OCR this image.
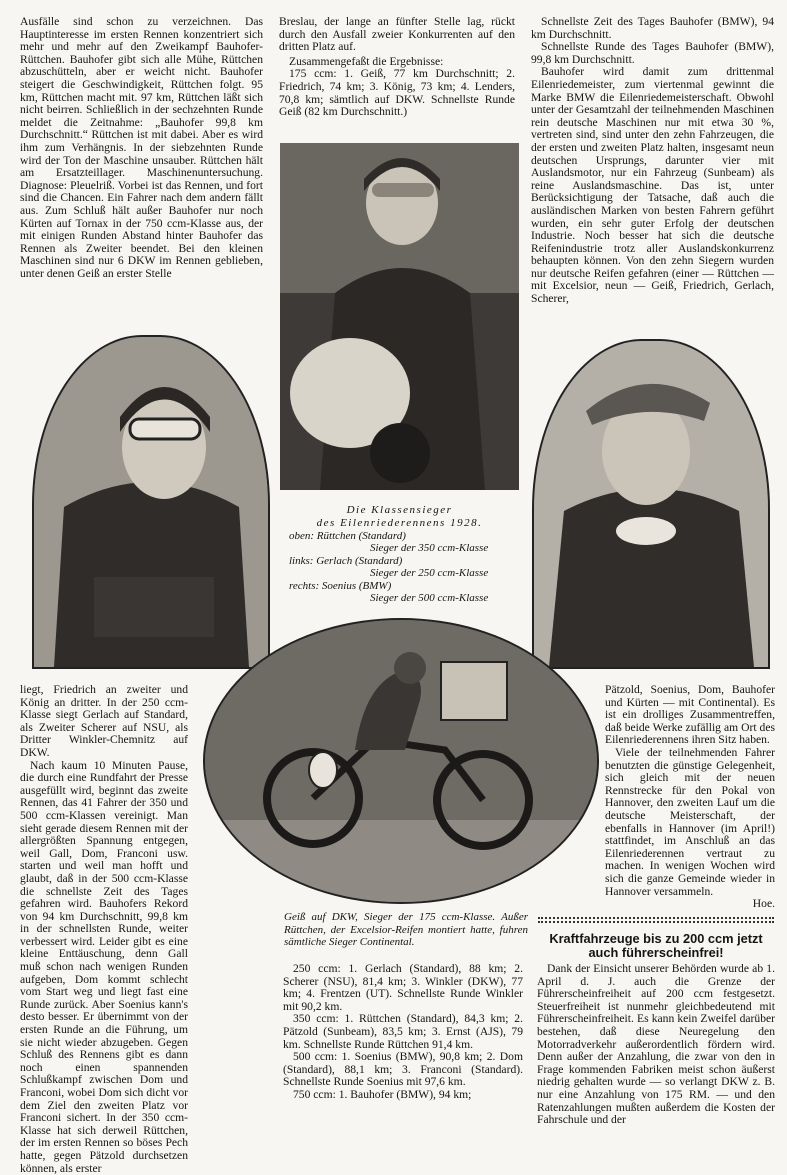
Ausfälle sind schon zu verzeichnen. Das Hauptinteresse im ersten Rennen konzentriert sich mehr und mehr auf den Zweikampf Bauhofer-Rüttchen. Bauhofer gibt sich alle Mühe, Rüttchen abzuschütteln, aber er weicht nicht. Bauhofer steigert die Geschwindigkeit, Rüttchen folgt. 95 km, Rüttchen macht mit. 97 km, Rüttchen läßt sich nicht beirren. Schließlich in der sechzehnten Runde meldet die Zeitnahme: „Bauhofer 99,8 km Durchschnitt.“ Rüttchen ist mit dabei. Aber es wird ihm zum Verhängnis. In der siebzehnten Runde wird der Ton der Maschine unsauber. Rüttchen hält am Ersatzteillager. Maschinenuntersuchung. Diagnose: Pleuelriß. Vorbei ist das Rennen, und fort sind die Chancen. Ein Fahrer nach dem andern fällt aus. Zum Schluß hält außer Bauhofer nur noch Kürten auf Tornax in der 750 ccm-Klasse aus, der mit einigen Runden Abstand hinter Bauhofer das Rennen als Zweiter beendet. Bei den kleinen Maschinen sind nur 6 DKW im Rennen geblieben, unter denen Geiß an erster Stelle

Breslau, der lange an fünfter Stelle lag, rückt durch den Ausfall zweier Konkurrenten auf den dritten Platz auf.

Zusammengefaßt die Ergebnisse:

175 ccm: 1. Geiß, 77 km Durchschnitt; 2. Friedrich, 74 km; 3. König, 73 km; 4. Lenders, 70,8 km; sämtlich auf DKW. Schnellste Runde Geiß (82 km Durchschnitt.)

Schnellste Zeit des Tages Bauhofer (BMW), 94 km Durchschnitt.

Schnellste Runde des Tages Bauhofer (BMW), 99,8 km Durchschnitt.

Bauhofer wird damit zum drittenmal Eilenriedemeister, zum viertenmal gewinnt die Marke BMW die Eilenriedemeisterschaft. Obwohl unter der Gesamtzahl der teilnehmenden Maschinen rein deutsche Maschinen nur mit etwa 30 %, vertreten sind, sind unter den zehn Fahrzeugen, die der ersten und zweiten Platz halten, insgesamt neun deutschen Ursprungs, darunter vier mit Auslandsmotor, nur ein Fahrzeug (Sunbeam) als reine Auslandsmaschine. Das ist, unter Berücksichtigung der Tatsache, daß auch die ausländischen Marken von besten Fahrern geführt wurden, ein sehr guter Erfolg der deutschen Industrie. Noch besser hat sich die deutsche Reifenindustrie trotz aller Auslandskonkurrenz behaupten können. Von den zehn Siegern wurden nur deutsche Reifen gefahren (einer — Rüttchen — mit Excelsior, neun — Geiß, Friedrich, Gerlach, Scherer,

Die Klassensieger
des Eilenriederennens 1928.
oben: Rüttchen (Standard)
Sieger der 350 ccm-Klasse
links: Gerlach (Standard)
Sieger der 250 ccm-Klasse
rechts: Soenius (BMW)
Sieger der 500 ccm-Klasse
Geiß auf DKW, Sieger der 175 ccm-Klasse. Außer Rüttchen, der Excelsior-Reifen montiert hatte, fuhren sämtliche Sieger Continental.

liegt, Friedrich an zweiter und König an dritter. In der 250 ccm-Klasse siegt Gerlach auf Standard, als Zweiter Scherer auf NSU, als Dritter Winkler-Chemnitz auf DKW.

Nach kaum 10 Minuten Pause, die durch eine Rundfahrt der Presse ausgefüllt wird, beginnt das zweite Rennen, das 41 Fahrer der 350 und 500 ccm-Klassen vereinigt. Man sieht gerade diesem Rennen mit der allergrößten Spannung entgegen, weil Gall, Dom, Franconi usw. starten und weil man hofft und glaubt, daß in der 500 ccm-Klasse die schnellste Zeit des Tages gefahren wird. Bauhofers Rekord von 94 km Durchschnitt, 99,8 km in der schnellsten Runde, weiter verbessert wird. Leider gibt es eine kleine Enttäuschung, denn Gall muß schon nach wenigen Runden aufgeben, Dom kommt schlecht vom Start weg und liegt fast eine Runde zurück. Aber Soenius kann's desto besser. Er übernimmt von der ersten Runde an die Führung, um sie nicht wieder abzugeben. Gegen Schluß des Rennens gibt es dann noch einen spannenden Schlußkampf zwischen Dom und Franconi, wobei Dom sich dicht vor dem Ziel den zweiten Platz vor Franconi sichert. In der 350 ccm-Klasse hat sich derweil Rüttchen, der im ersten Rennen so böses Pech hatte, gegen Pätzold durchsetzen können, als erster

250 ccm: 1. Gerlach (Standard), 88 km; 2. Scherer (NSU), 81,4 km; 3. Winkler (DKW), 77 km; 4. Frentzen (UT). Schnellste Runde Winkler mit 90,2 km.

350 ccm: 1. Rüttchen (Standard), 84,3 km; 2. Pätzold (Sunbeam), 83,5 km; 3. Ernst (AJS), 79 km. Schnellste Runde Rüttchen 91,4 km.

500 ccm: 1. Soenius (BMW), 90,8 km; 2. Dom (Standard), 88,1 km; 3. Franconi (Standard). Schnellste Runde Soenius mit 97,6 km.

750 ccm: 1. Bauhofer (BMW), 94 km;

Pätzold, Soenius, Dom, Bauhofer und Kürten — mit Continental). Es ist ein drolliges Zusammentreffen, daß beide Werke zufällig am Ort des Eilenriederennens ihren Sitz haben.

Viele der teilnehmenden Fahrer benutzten die günstige Gelegenheit, sich gleich mit der neuen Rennstrecke für den Pokal von Hannover, den zweiten Lauf um die deutsche Meisterschaft, der ebenfalls in Hannover (im April!) stattfindet, im Anschluß an das Eilenriederennen vertraut zu machen. In wenigen Wochen wird sich die ganze Gemeinde wieder in Hannover versammeln.

Hoe.

Kraftfahrzeuge bis zu 200 ccm jetzt auch führerscheinfrei!
Dank der Einsicht unserer Behörden wurde ab 1. April d. J. auch die Grenze der Führerscheinfreiheit auf 200 ccm festgesetzt. Steuerfreiheit ist nunmehr gleichbedeutend mit Führerscheinfreiheit. Es kann kein Zweifel darüber bestehen, daß diese Neuregelung den Motorradverkehr außerordentlich fördern wird. Denn außer der Anzahlung, die zwar von den in Frage kommenden Fabriken meist schon äußerst niedrig gehalten wurde — so verlangt DKW z. B. nur eine Anzahlung von 175 RM. — und den Ratenzahlungen mußten außerdem die Kosten der Fahrschule und der
